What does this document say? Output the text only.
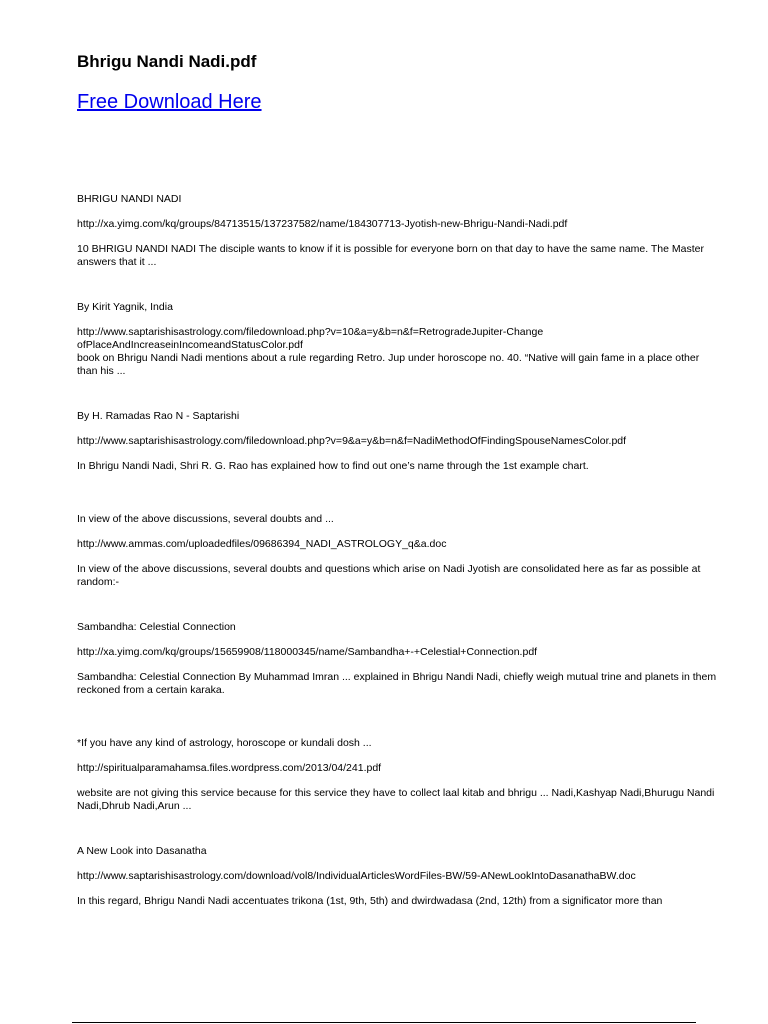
Bhrigu Nandi Nadi.pdf
Free Download Here

BHRIGU NANDI NADI

http://xa.yimg.com/kq/groups/84713515/137237582/name/184307713-Jyotish-new-Bhrigu-Nandi-Nadi.pdf

10 BHRIGU NANDI NADI The disciple wants to know if it is possible for everyone born on that day to have the same name. The Master answers that it ...

By Kirit Yagnik, India

http://www.saptarishisastrology.com/filedownload.php?v=10&a=y&b=n&f=RetrogradeJupiter-ChangeofPlaceAndIncreaseinIncomeandStatusColor.pdf

book on Bhrigu Nandi Nadi mentions about a rule regarding Retro. Jup under horoscope no. 40. “Native will gain fame in a place other than his ...

By H. Ramadas Rao N - Saptarishi

http://www.saptarishisastrology.com/filedownload.php?v=9&a=y&b=n&f=NadiMethodOfFindingSpouseNamesColor.pdf

In Bhrigu Nandi Nadi, Shri R. G. Rao has explained how to find out one’s name through the 1st example chart.

In view of the above discussions, several doubts and ...

http://www.ammas.com/uploadedfiles/09686394_NADI_ASTROLOGY_q&a.doc

In view of the above discussions, several doubts and questions which arise on Nadi Jyotish are consolidated here as far as possible at random:-

Sambandha: Celestial Connection

http://xa.yimg.com/kq/groups/15659908/118000345/name/Sambandha+-+Celestial+Connection.pdf

Sambandha: Celestial Connection By Muhammad Imran ... explained in Bhrigu Nandi Nadi, chiefly weigh mutual trine and planets in them reckoned from a certain karaka.

*If you have any kind of astrology, horoscope or kundali dosh ...

http://spiritualparamahamsa.files.wordpress.com/2013/04/241.pdf

website are not giving this service because for this service they have to collect laal kitab and bhrigu ... Nadi,Kashyap Nadi,Bhurugu Nandi Nadi,Dhrub Nadi,Arun ...

A New Look into Dasanatha

http://www.saptarishisastrology.com/download/vol8/IndividualArticlesWordFiles-BW/59-ANewLookIntoDasanathaBW.doc

In this regard, Bhrigu Nandi Nadi accentuates trikona (1st, 9th, 5th) and dwirdwadasa (2nd, 12th) from a significator more than
